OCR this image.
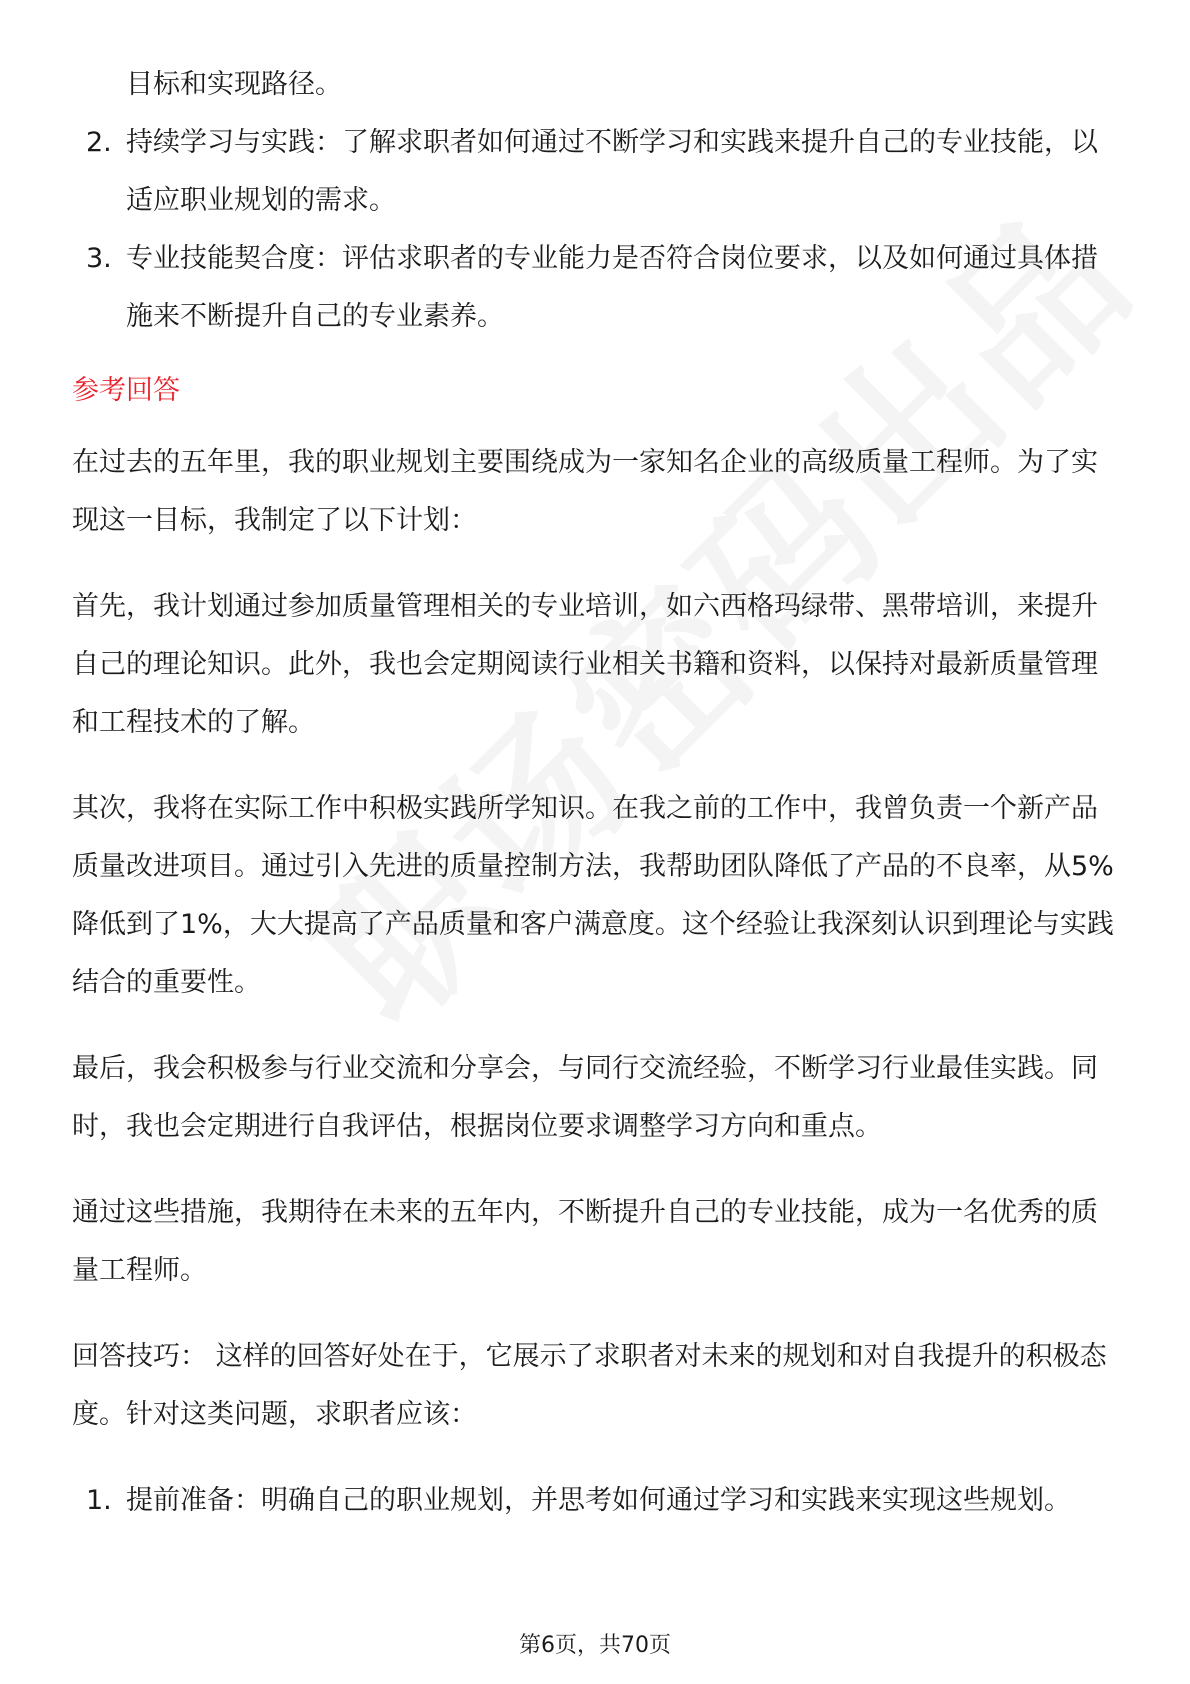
目标和实现路径。
2. 持续学习与实践：了解求职者如何通过不断学习和实践来提升自己的专业技能，以适应职业规划的需求。
3. 专业技能契合度：评估求职者的专业能力是否符合岗位要求，以及如何通过具体措施来不断提升自己的专业素养。
参考回答

在过去的五年里，我的职业规划主要围绕成为一家知名企业的高级质量工程师。为了实现这一目标，我制定了以下计划：

首先，我计划通过参加质量管理相关的专业培训，如六西格玛绿带、黑带培训，来提升自己的理论知识。此外，我也会定期阅读行业相关书籍和资料，以保持对最新质量管理和工程技术的了解。

其次，我将在实际工作中积极实践所学知识。在我之前的工作中，我曾负责一个新产品质量改进项目。通过引入先进的质量控制方法，我帮助团队降低了产品的不良率，从5%降低到了1%，大大提高了产品质量和客户满意度。这个经验让我深刻认识到理论与实践结合的重要性。

最后，我会积极参与行业交流和分享会，与同行交流经验，不断学习行业最佳实践。同时，我也会定期进行自我评估，根据岗位要求调整学习方向和重点。

通过这些措施，我期待在未来的五年内，不断提升自己的专业技能，成为一名优秀的质量工程师。

回答技巧： 这样的回答好处在于，它展示了求职者对未来的规划和对自我提升的积极态度。针对这类问题，求职者应该：

1. 提前准备：明确自己的职业规划，并思考如何通过学习和实践来实现这些规划。
第6页，共70页
